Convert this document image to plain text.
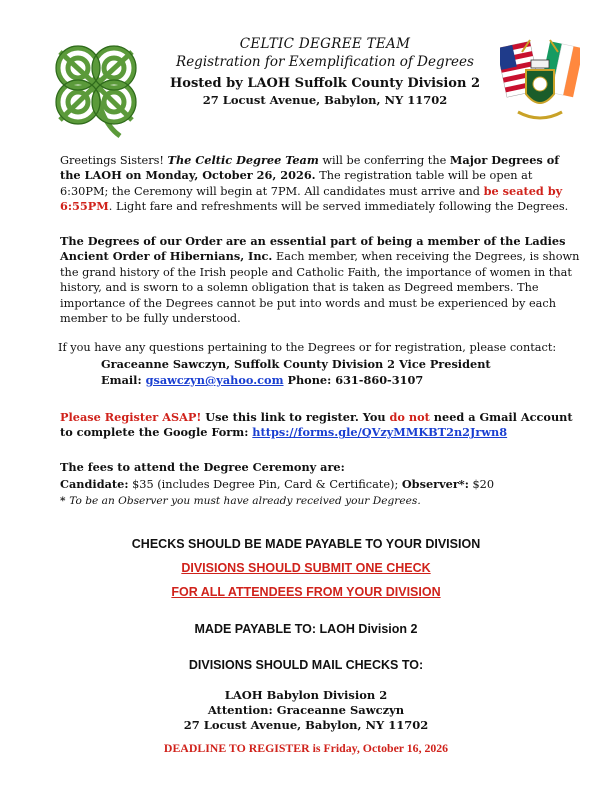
CELTIC DEGREE TEAM
Registration for Exemplification of Degrees
Hosted by LAOH Suffolk County Division 2
27 Locust Avenue, Babylon, NY 11702
Greetings Sisters! The Celtic Degree Team will be conferring the Major Degrees of the LAOH on Monday, October 26, 2026. The registration table will be open at 6:30PM; the Ceremony will begin at 7PM. All candidates must arrive and be seated by 6:55PM. Light fare and refreshments will be served immediately following the Degrees.
The Degrees of our Order are an essential part of being a member of the Ladies Ancient Order of Hibernians, Inc. Each member, when receiving the Degrees, is shown the grand history of the Irish people and Catholic Faith, the importance of women in that history, and is sworn to a solemn obligation that is taken as Degreed members. The importance of the Degrees cannot be put into words and must be experienced by each member to be fully understood.
If you have any questions pertaining to the Degrees or for registration, please contact:
Graceanne Sawczyn, Suffolk County Division 2 Vice President
Email: gsawczyn@yahoo.com Phone: 631-860-3107
Please Register ASAP! Use this link to register. You do not need a Gmail Account to complete the Google Form: https://forms.gle/QVzyMMKBT2n2Jrwn8
The fees to attend the Degree Ceremony are:
Candidate: $35 (includes Degree Pin, Card & Certificate); Observer*: $20
* To be an Observer you must have already received your Degrees.
CHECKS SHOULD BE MADE PAYABLE TO YOUR DIVISION
DIVISIONS SHOULD SUBMIT ONE CHECK
FOR ALL ATTENDEES FROM YOUR DIVISION
MADE PAYABLE TO: LAOH Division 2
DIVISIONS SHOULD MAIL CHECKS TO:
LAOH Babylon Division 2
Attention: Graceanne Sawczyn
27 Locust Avenue, Babylon, NY 11702
DEADLINE TO REGISTER is Friday, October 16, 2026
